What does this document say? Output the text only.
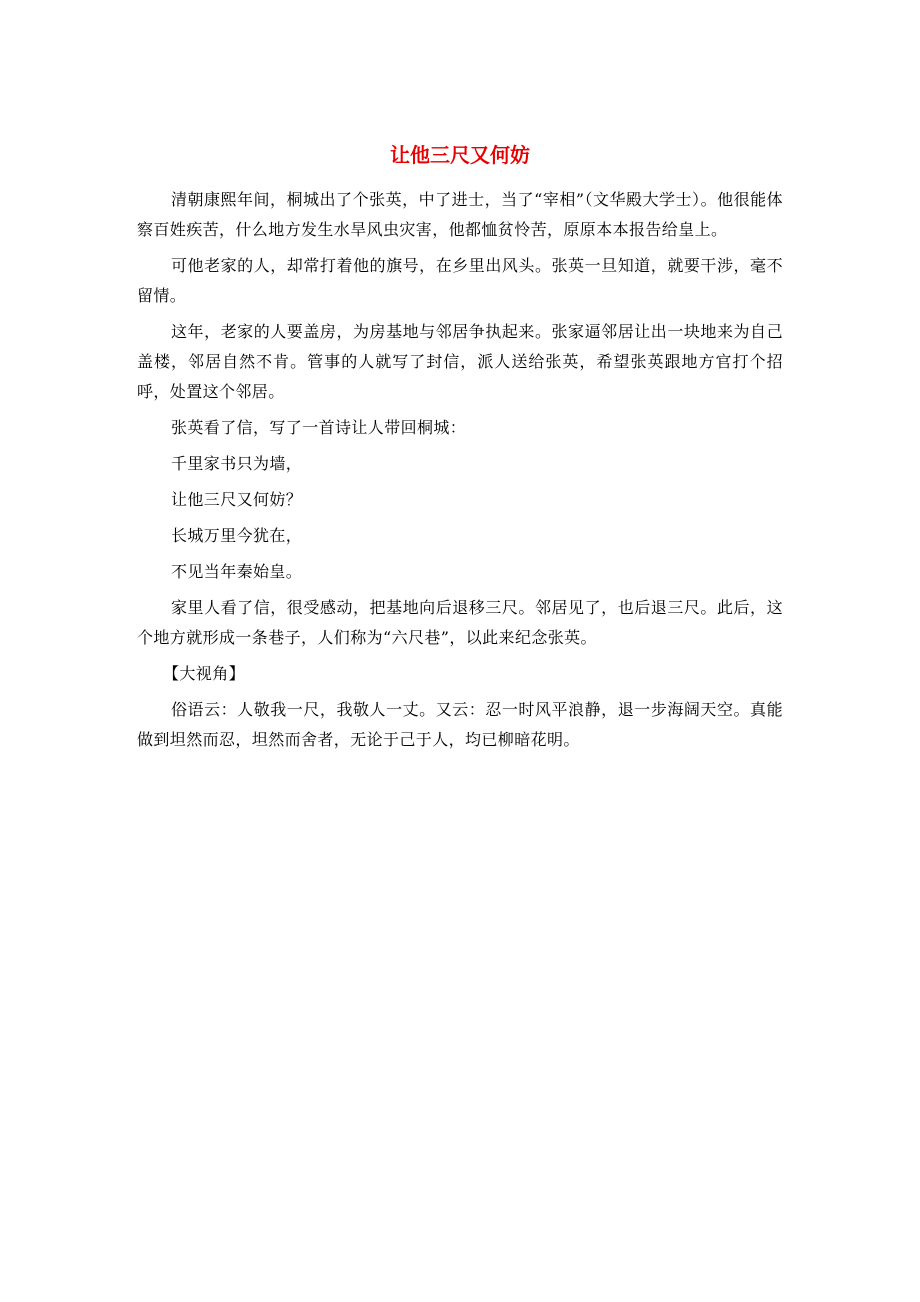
让他三尺又何妨

清朝康熙年间，桐城出了个张英，中了进士，当了“宰相”（文华殿大学士）。他很能体察百姓疾苦，什么地方发生水旱风虫灾害，他都恤贫怜苦，原原本本报告给皇上。

可他老家的人，却常打着他的旗号，在乡里出风头。张英一旦知道，就要干涉，毫不留情。

这年，老家的人要盖房，为房基地与邻居争执起来。张家逼邻居让出一块地来为自己盖楼，邻居自然不肯。管事的人就写了封信，派人送给张英，希望张英跟地方官打个招呼，处置这个邻居。

张英看了信，写了一首诗让人带回桐城：

千里家书只为墙，

让他三尺又何妨？

长城万里今犹在，

不见当年秦始皇。

家里人看了信，很受感动，把基地向后退移三尺。邻居见了，也后退三尺。此后，这个地方就形成一条巷子，人们称为“六尺巷”，以此来纪念张英。

【大视角】

俗语云：人敬我一尺，我敬人一丈。又云：忍一时风平浪静，退一步海阔天空。真能做到坦然而忍，坦然而舍者，无论于己于人，均已柳暗花明。
